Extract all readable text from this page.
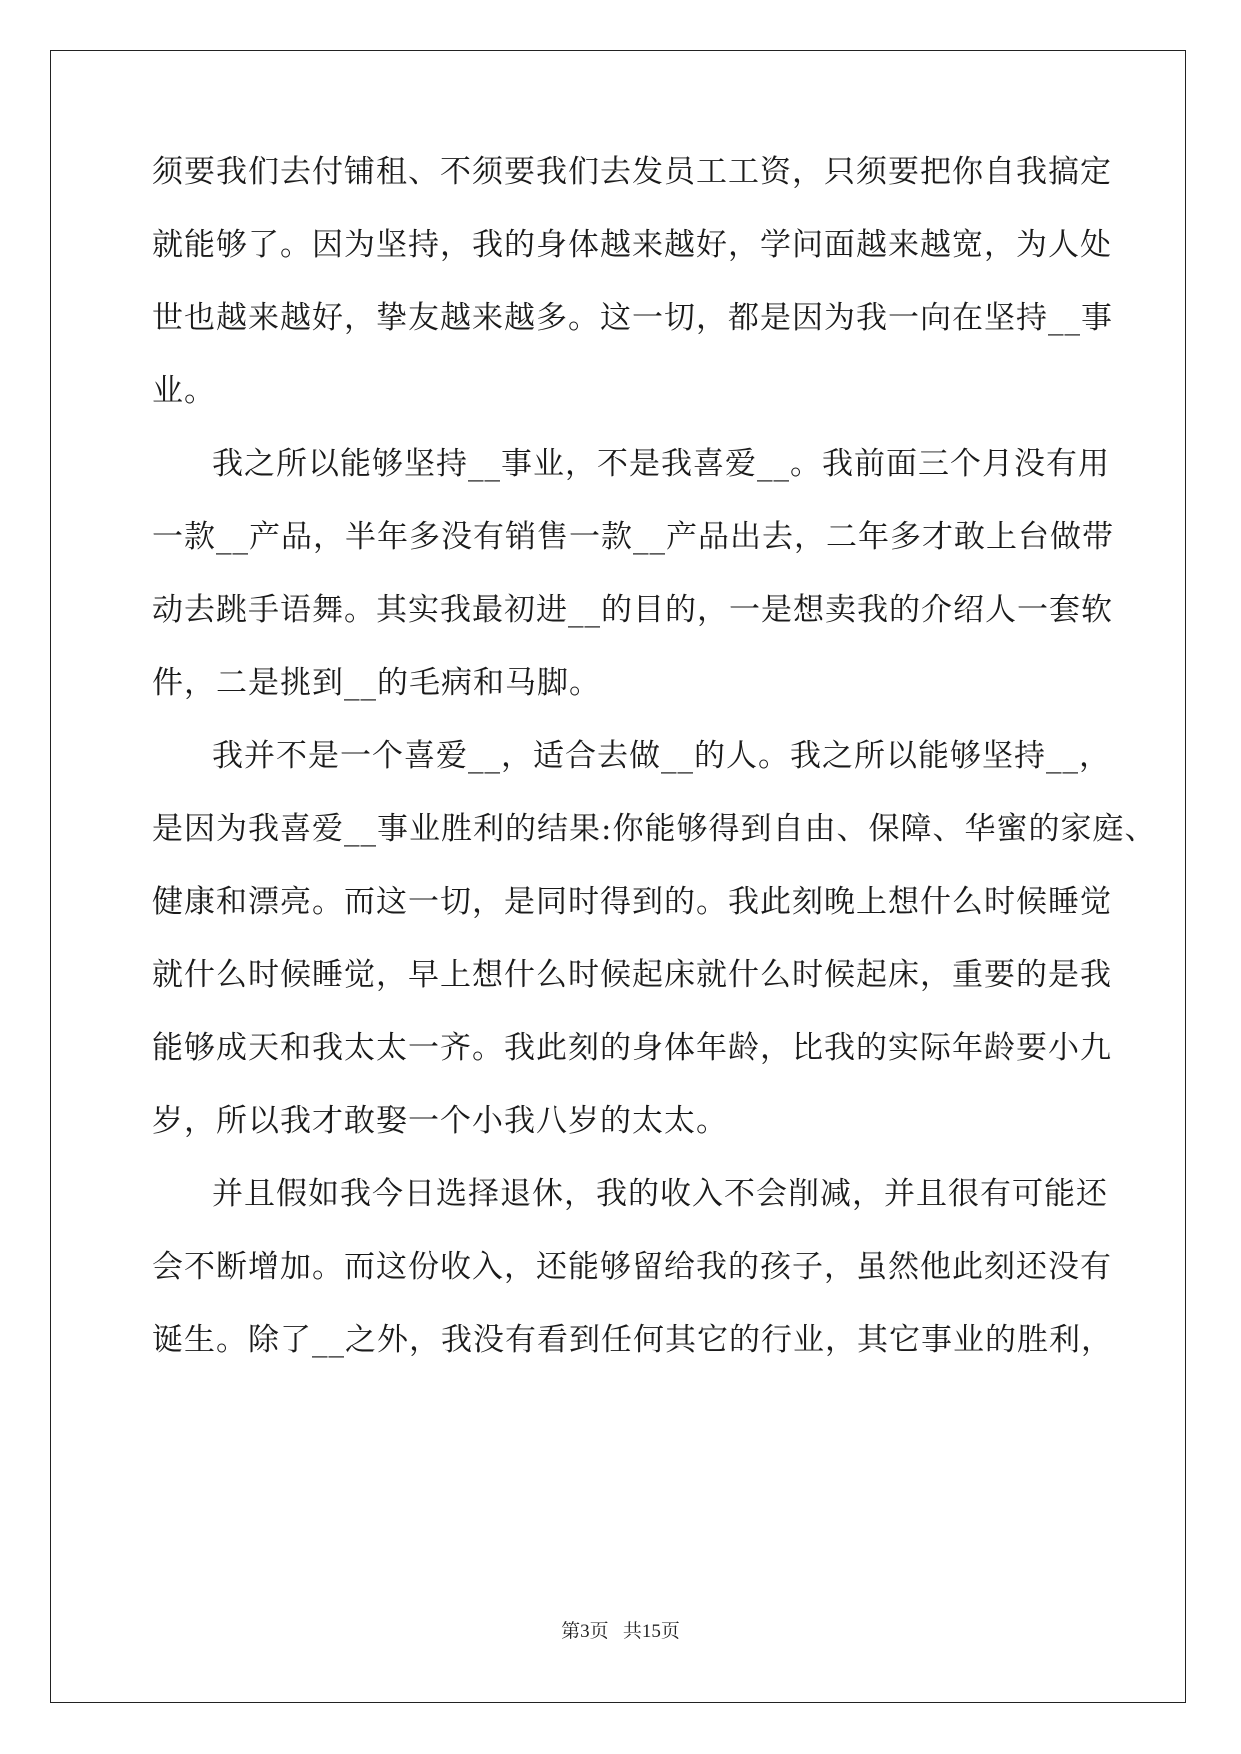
须要我们去付铺租、不须要我们去发员工工资，只须要把你自我搞定
就能够了。因为坚持，我的身体越来越好，学问面越来越宽，为人处
世也越来越好，挚友越来越多。这一切，都是因为我一向在坚持__事
业。
我之所以能够坚持__事业，不是我喜爱__。我前面三个月没有用
一款__产品，半年多没有销售一款__产品出去，二年多才敢上台做带
动去跳手语舞。其实我最初进__的目的，一是想卖我的介绍人一套软
件，二是挑到__的毛病和马脚。
我并不是一个喜爱__，适合去做__的人。我之所以能够坚持__，
是因为我喜爱__事业胜利的结果:你能够得到自由、保障、华蜜的家庭、
健康和漂亮。而这一切，是同时得到的。我此刻晚上想什么时候睡觉
就什么时候睡觉，早上想什么时候起床就什么时候起床，重要的是我
能够成天和我太太一齐。我此刻的身体年龄，比我的实际年龄要小九
岁，所以我才敢娶一个小我八岁的太太。
并且假如我今日选择退休，我的收入不会削减，并且很有可能还
会不断增加。而这份收入，还能够留给我的孩子，虽然他此刻还没有
诞生。除了__之外，我没有看到任何其它的行业，其它事业的胜利，
第3页 共15页
